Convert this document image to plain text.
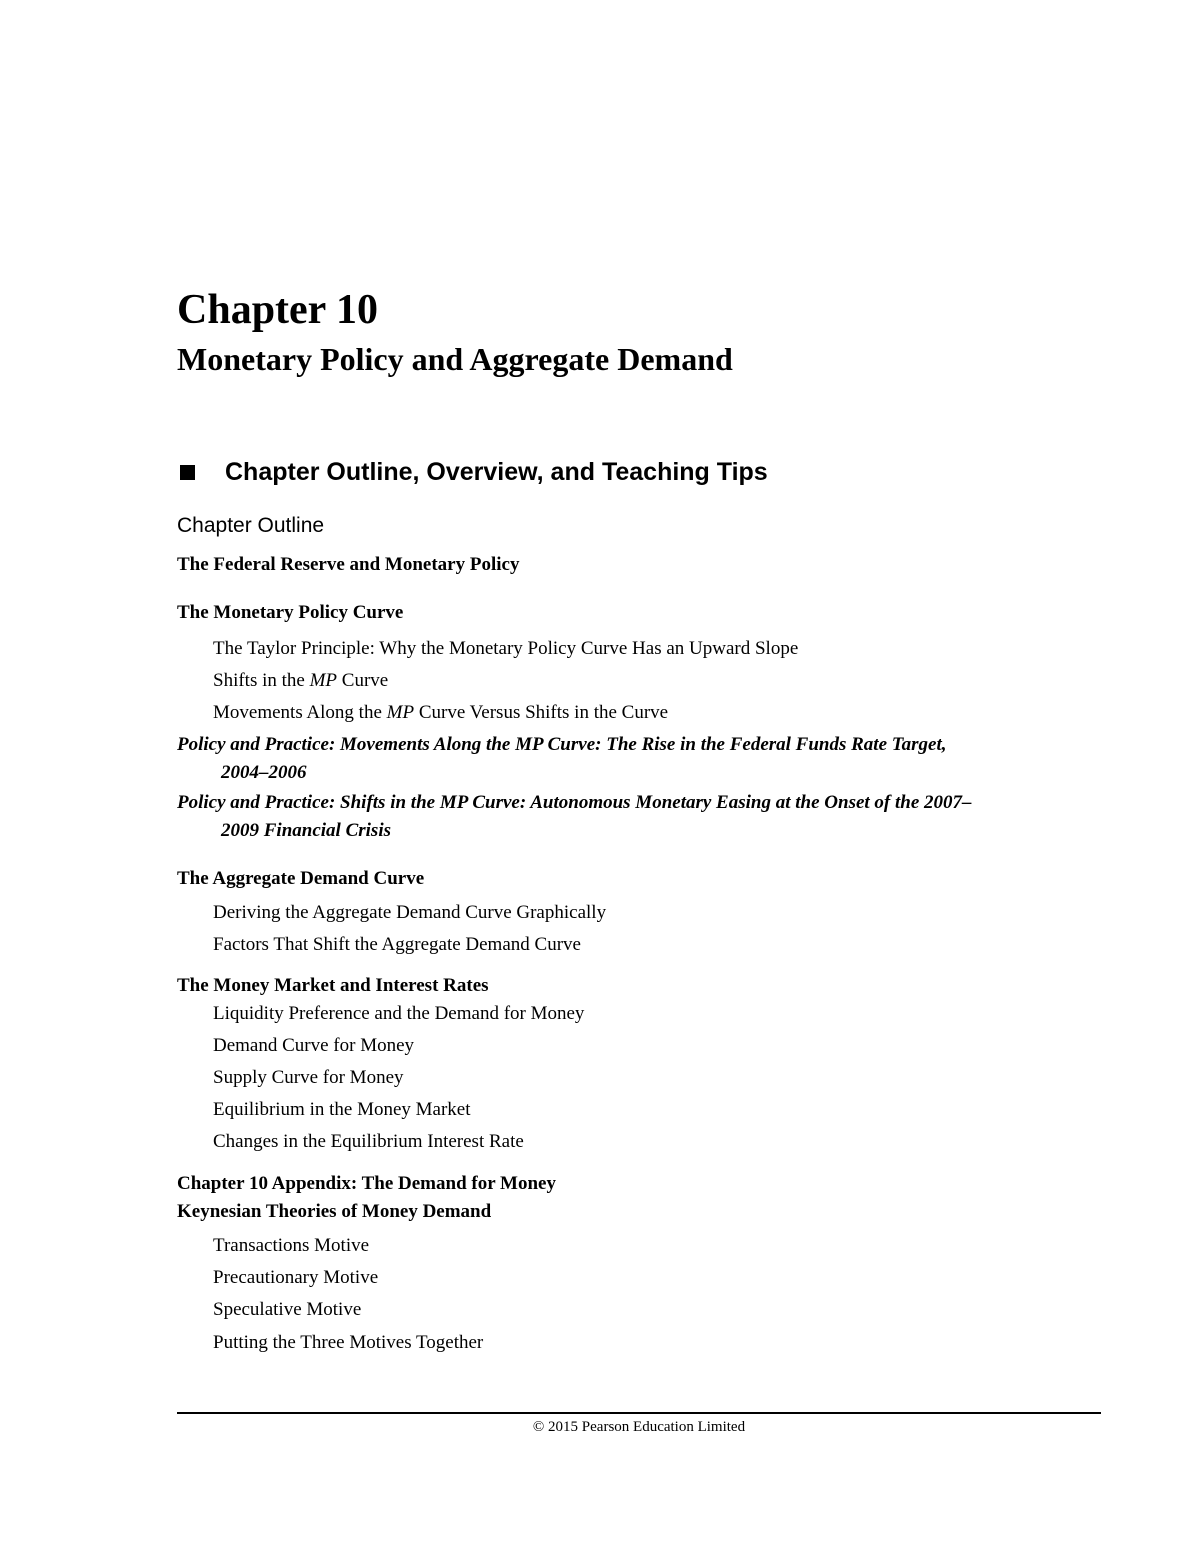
Chapter 10
Monetary Policy and Aggregate Demand
Chapter Outline, Overview, and Teaching Tips
Chapter Outline
The Federal Reserve and Monetary Policy
The Monetary Policy Curve
The Taylor Principle: Why the Monetary Policy Curve Has an Upward Slope
Shifts in the MP Curve
Movements Along the MP Curve Versus Shifts in the Curve
Policy and Practice: Movements Along the MP Curve: The Rise in the Federal Funds Rate Target,
2004–2006
Policy and Practice: Shifts in the MP Curve: Autonomous Monetary Easing at the Onset of the 2007–
2009 Financial Crisis
The Aggregate Demand Curve
Deriving the Aggregate Demand Curve Graphically
Factors That Shift the Aggregate Demand Curve
The Money Market and Interest Rates
Liquidity Preference and the Demand for Money
Demand Curve for Money
Supply Curve for Money
Equilibrium in the Money Market
Changes in the Equilibrium Interest Rate
Chapter 10 Appendix: The Demand for Money
Keynesian Theories of Money Demand
Transactions Motive
Precautionary Motive
Speculative Motive
Putting the Three Motives Together
© 2015 Pearson Education Limited
